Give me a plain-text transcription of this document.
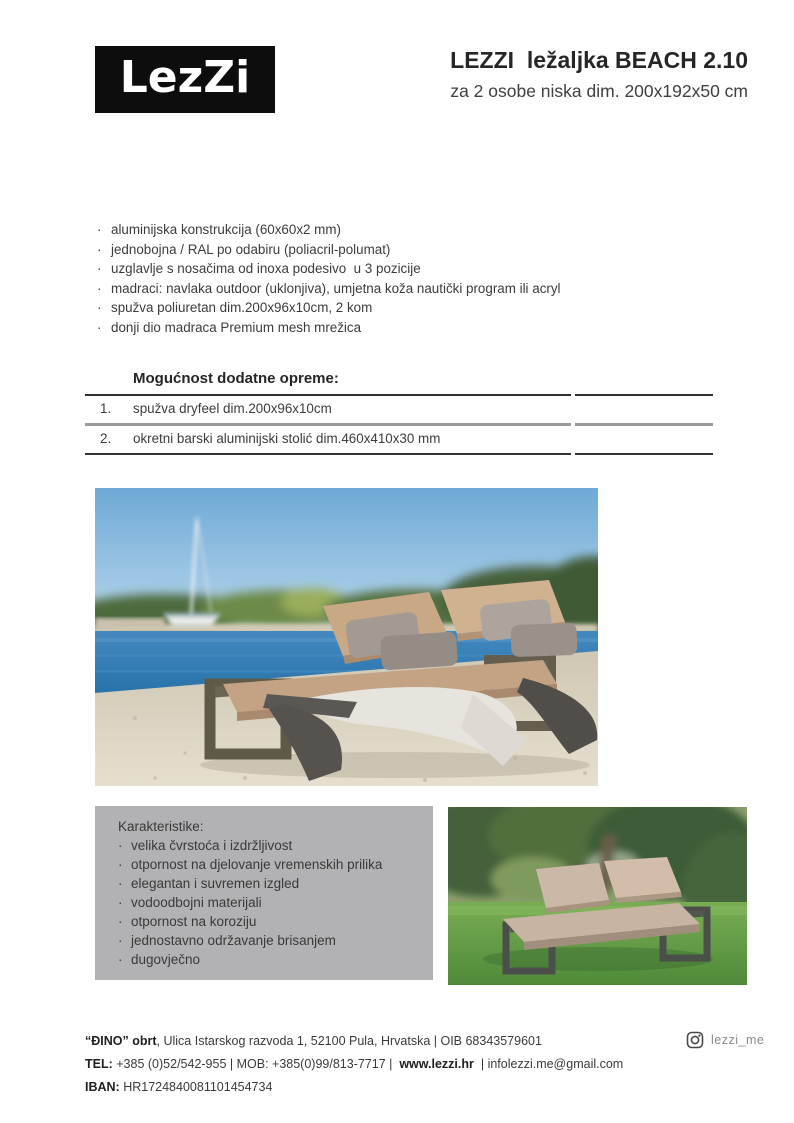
LezZi	LEZZI  ležaljka BEACH 2.10
za 2 osobe niska dim. 200x192x50 cm
· aluminijska konstrukcija (60x60x2 mm)
· jednobojna / RAL po odabiru (poliacril-polumat)
· uzglavlje s nosačima od inoxa podesivo  u 3 pozicije
· madraci: navlaka outdoor (uklonjiva), umjetna koža nautički program ili acryl
· spužva poliuretan dim.200x96x10cm, 2 kom
· donji dio madraca Premium mesh mrežica
Mogućnost dodatne opreme:
1.	spužva dryfeel dim.200x96x10cm
2.	okretni barski aluminijski stolić dim.460x410x30 mm
Karakteristike:
· velika čvrstoća i izdržljivost
· otpornost na djelovanje vremenskih prilika
· elegantan i suvremen izgled
· vodoodbojni materijali
· otpornost na koroziju
· jednostavno održavanje brisanjem
· dugovječno
“ĐINO” obrt, Ulica Istarskog razvoda 1, 52100 Pula, Hrvatska | OIB 68343579601
TEL: +385 (0)52/542-955 | MOB: +385(0)99/813-7717 |  www.lezzi.hr  | infolezzi.me@gmail.com
IBAN: HR1724840081101454734
lezzi_me
